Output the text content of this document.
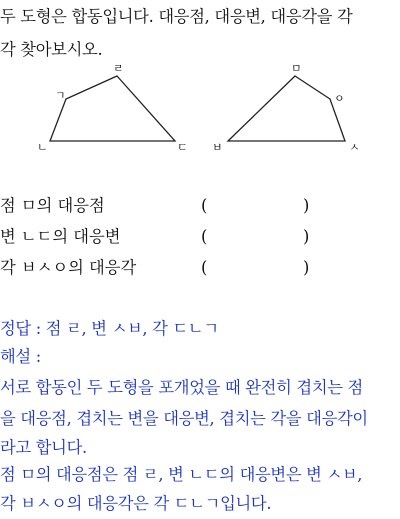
두 도형은 합동입니다. 대응점, 대응변, 대응각을 각
각 찾아보시오.
ㄹ
ㄱ
ㄴ	ㄷ
ㅁ
ㅇ
ㅂ	ㅅ
점 ㅁ의 대응점	(	)
변 ㄴㄷ의 대응변	(	)
각 ㅂㅅㅇ의 대응각	(	)
정답 : 점 ㄹ, 변 ㅅㅂ, 각 ㄷㄴㄱ
해설 :
서로 합동인 두 도형을 포개었을 때 완전히 겹치는 점
을 대응점, 겹치는 변을 대응변, 겹치는 각을 대응각이
라고 합니다.
점 ㅁ의 대응점은 점 ㄹ, 변 ㄴㄷ의 대응변은 변 ㅅㅂ,
각 ㅂㅅㅇ의 대응각은 각 ㄷㄴㄱ입니다.
